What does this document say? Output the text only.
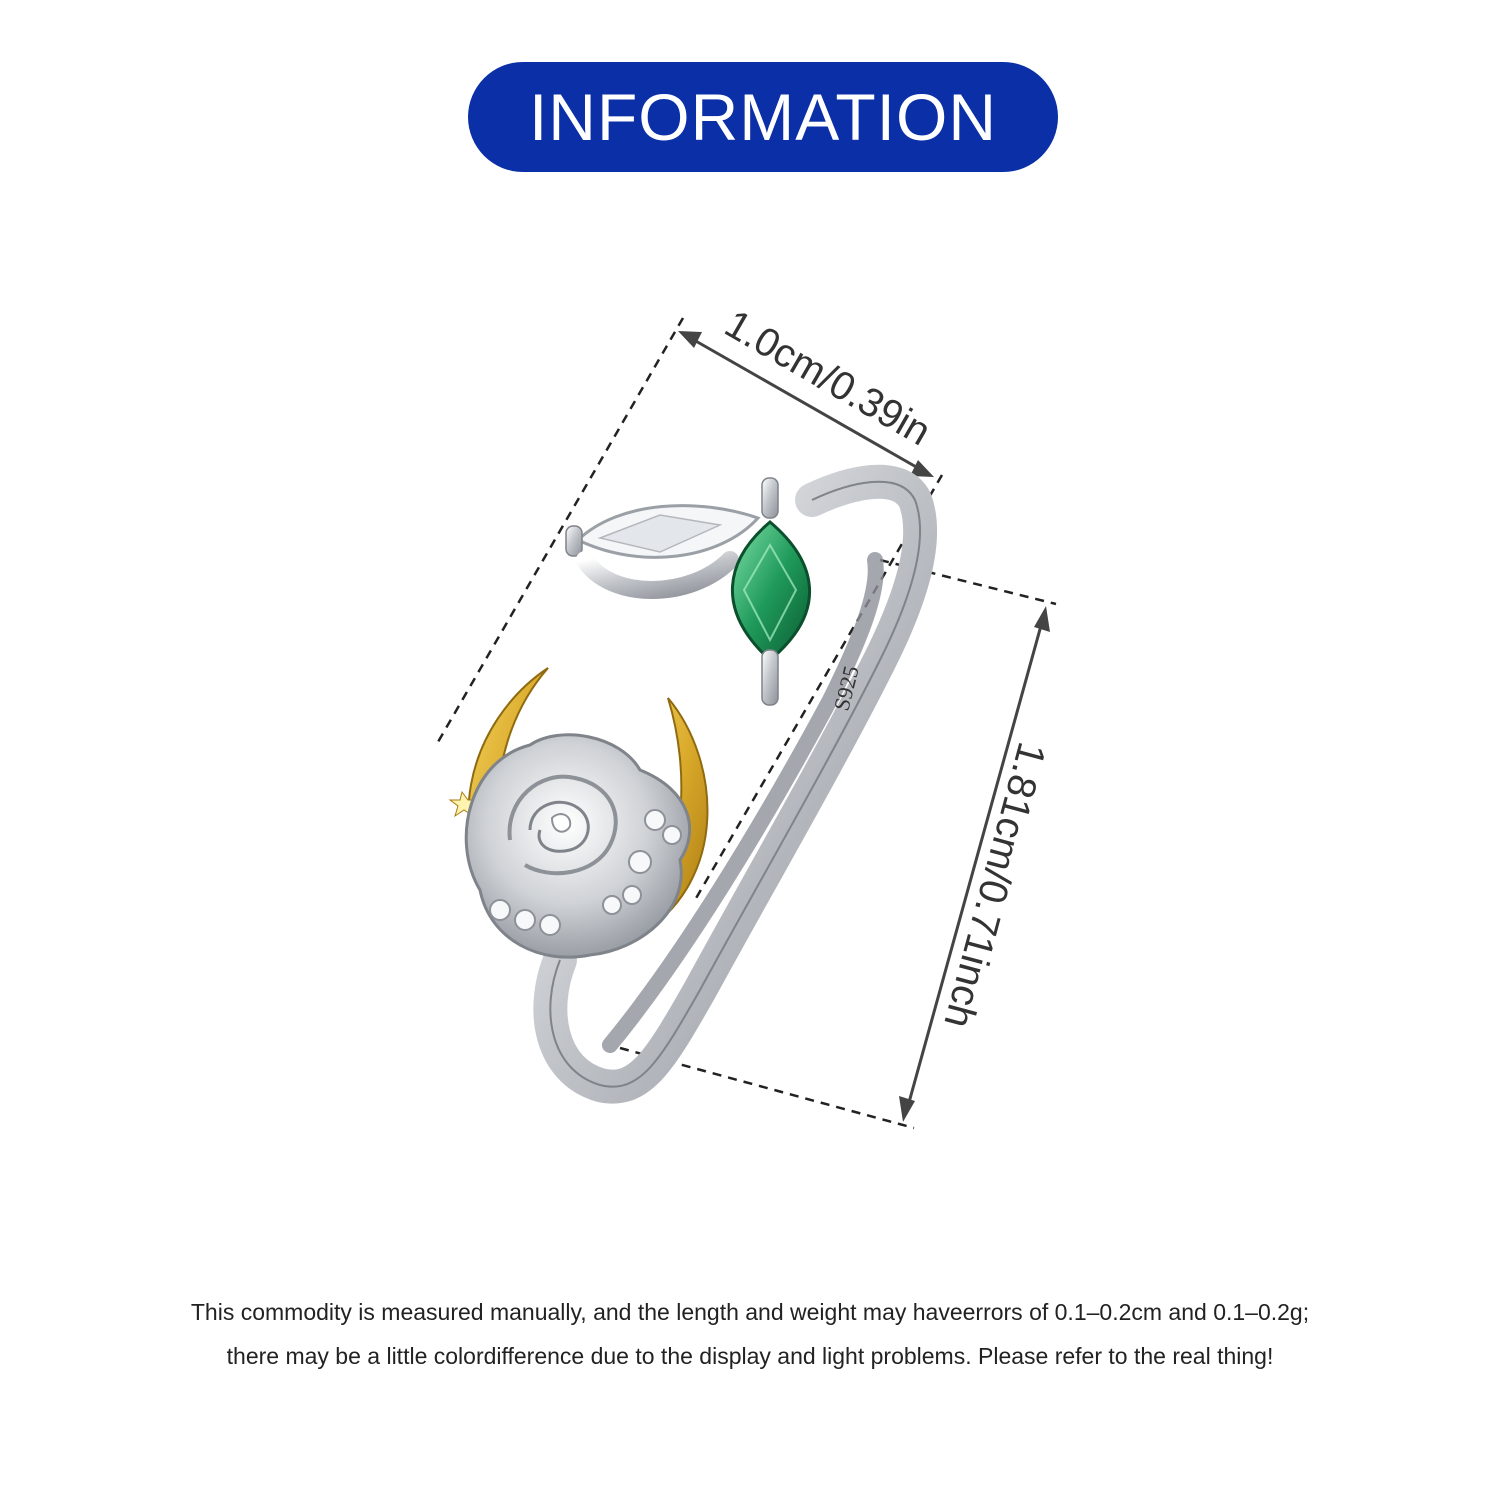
INFORMATION
1.0cm/0.39in
1.81cm/0.71inch
S925
This commodity is measured manually, and the length and weight may haveerrors of 0.1–0.2cm and 0.1–0.2g;
there may be a little colordifference due to the display and light problems. Please refer to the real thing!
